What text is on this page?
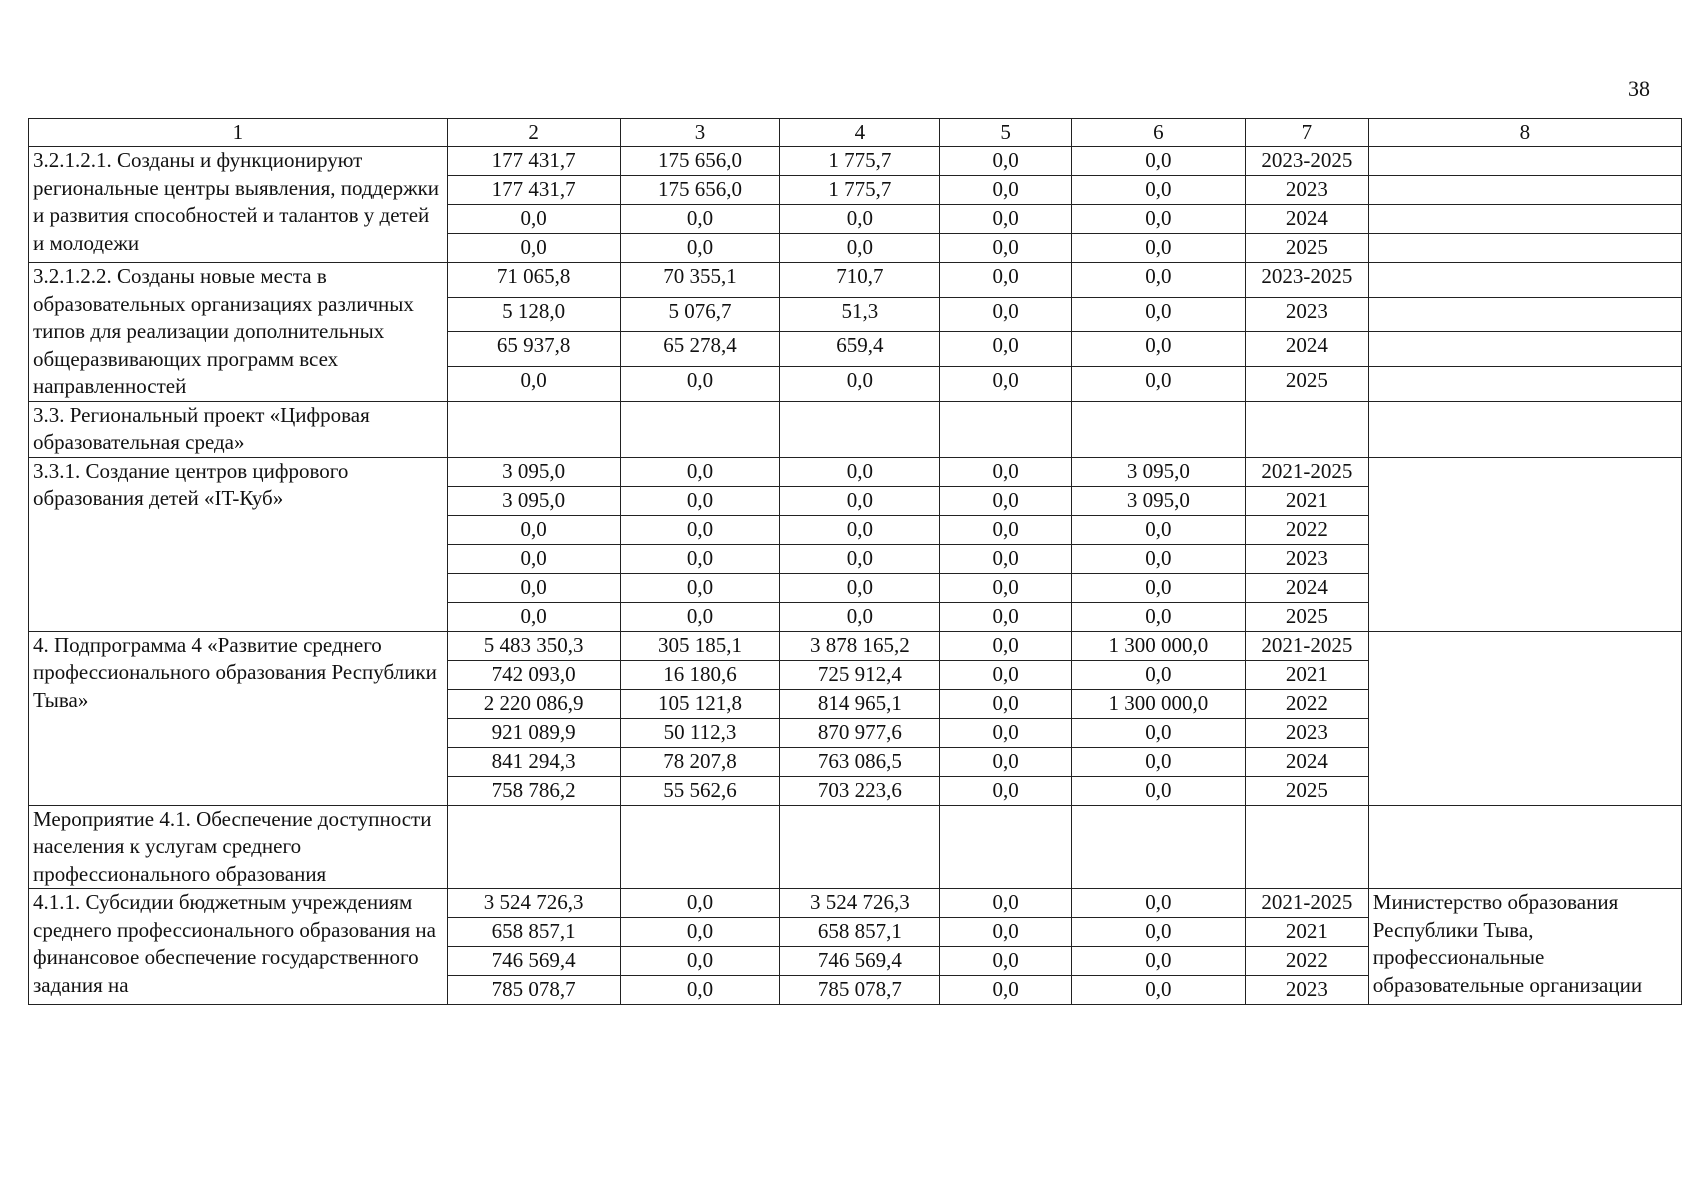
38
1	2	3	4	5	6	7	8
3.2.1.2.1. Созданы и функционируют региональные центры выявления, поддержки и развития способностей и талантов у детей и молодежи	177 431,7	175 656,0	1 775,7	0,0	0,0	2023-2025	
	177 431,7	175 656,0	1 775,7	0,0	0,0	2023	
	0,0	0,0	0,0	0,0	0,0	2024	
	0,0	0,0	0,0	0,0	0,0	2025	
3.2.1.2.2. Созданы новые места в образовательных организациях различных типов для реализации дополнительных общеразвивающих программ всех направленностей	71 065,8	70 355,1	710,7	0,0	0,0	2023-2025	
	5 128,0	5 076,7	51,3	0,0	0,0	2023	
	65 937,8	65 278,4	659,4	0,0	0,0	2024	
	0,0	0,0	0,0	0,0	0,0	2025	
3.3. Региональный проект «Цифровая образовательная среда»							
3.3.1. Создание центров цифрового образования детей «IT-Куб»	3 095,0	0,0	0,0	0,0	3 095,0	2021-2025	
	3 095,0	0,0	0,0	0,0	3 095,0	2021	
	0,0	0,0	0,0	0,0	0,0	2022	
	0,0	0,0	0,0	0,0	0,0	2023	
	0,0	0,0	0,0	0,0	0,0	2024	
	0,0	0,0	0,0	0,0	0,0	2025	
4. Подпрограмма 4 «Развитие среднего профессионального образования Республики Тыва»	5 483 350,3	305 185,1	3 878 165,2	0,0	1 300 000,0	2021-2025	
	742 093,0	16 180,6	725 912,4	0,0	0,0	2021	
	2 220 086,9	105 121,8	814 965,1	0,0	1 300 000,0	2022	
	921 089,9	50 112,3	870 977,6	0,0	0,0	2023	
	841 294,3	78 207,8	763 086,5	0,0	0,0	2024	
	758 786,2	55 562,6	703 223,6	0,0	0,0	2025	
Мероприятие 4.1. Обеспечение доступности населения к услугам среднего профессионального образования							
4.1.1. Субсидии бюджетным учреждениям среднего профессионального образования на финансовое обеспечение государственного задания на	3 524 726,3	0,0	3 524 726,3	0,0	0,0	2021-2025	Министерство образования Республики Тыва, профессиональные образовательные организации
	658 857,1	0,0	658 857,1	0,0	0,0	2021	
	746 569,4	0,0	746 569,4	0,0	0,0	2022	
	785 078,7	0,0	785 078,7	0,0	0,0	2023	
